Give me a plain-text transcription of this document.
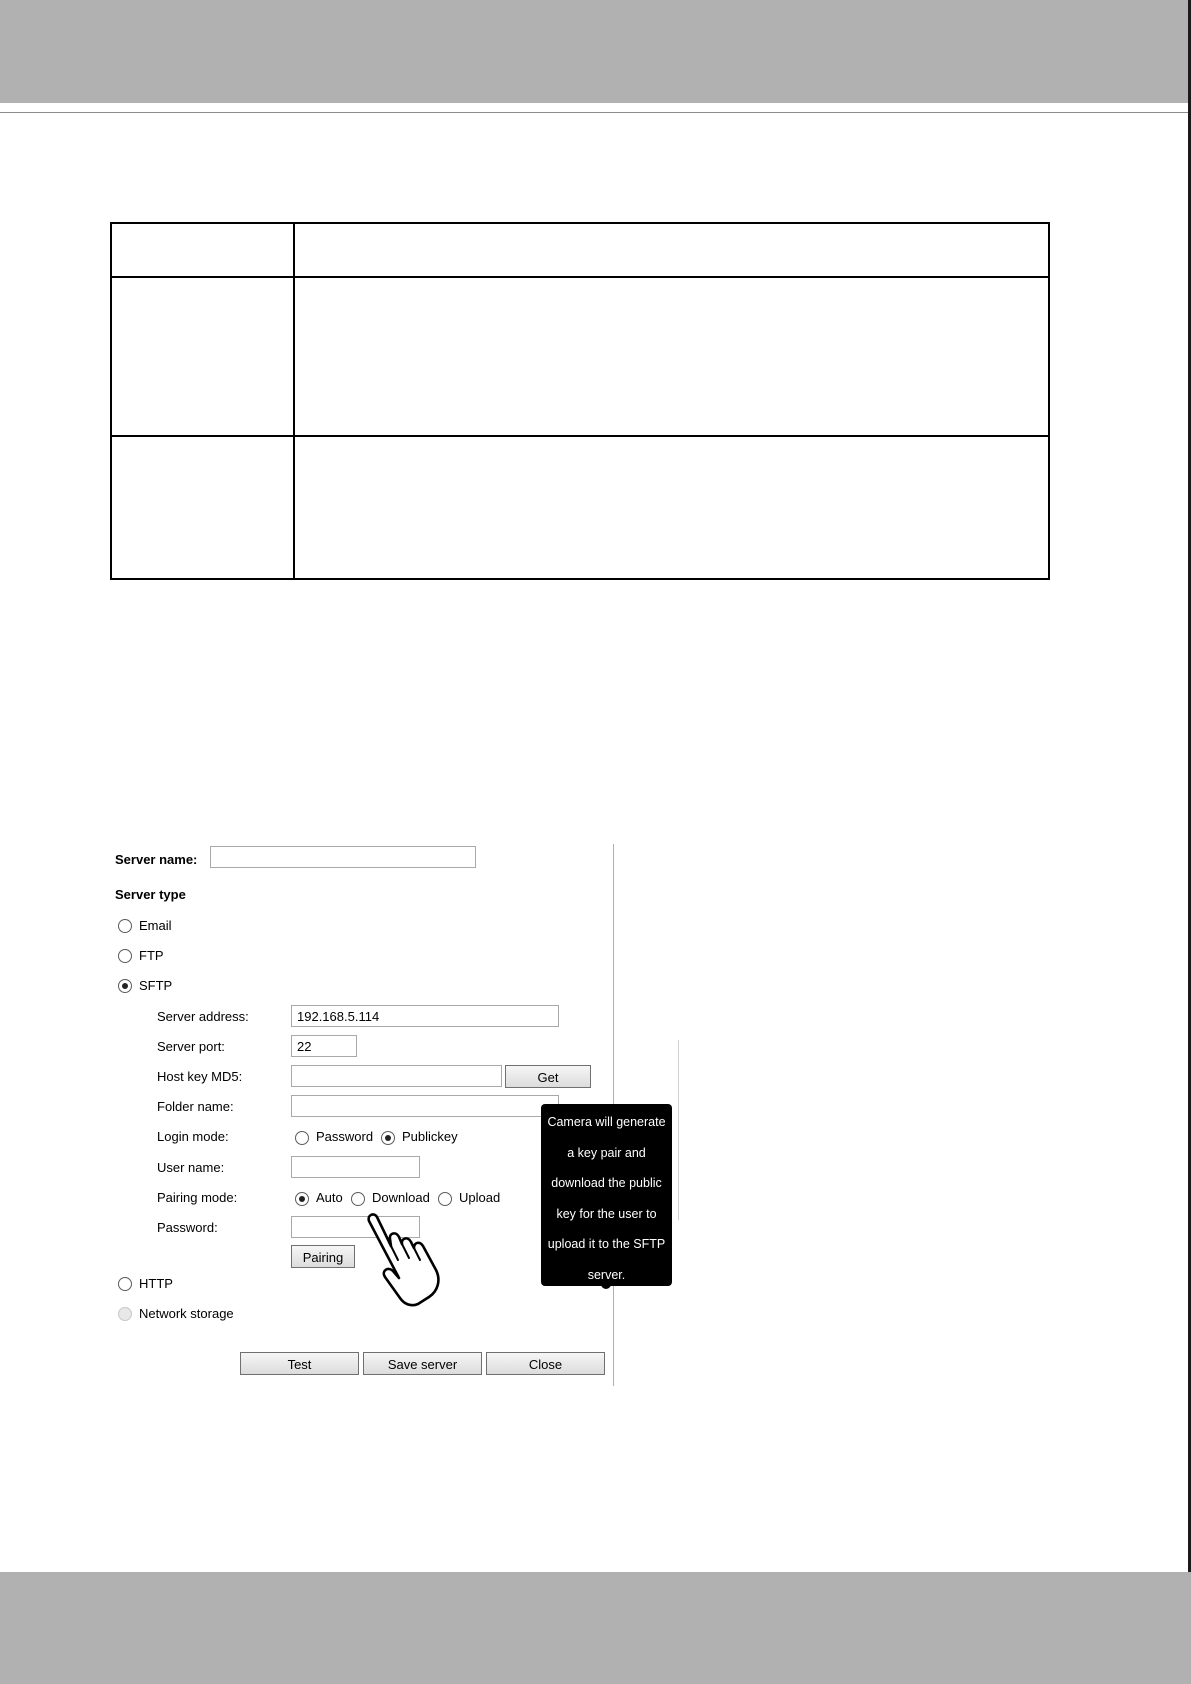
Server name:
Server type
Email
FTP
SFTP
Server address:
192.168.5.114
Server port:
22
Host key MD5:	Get
Folder name:
Login mode:	Password Publickey
User name:
Pairing mode:	Auto Download Upload
Password:
Pairing
HTTP
Network storage
Test	Save server	Close
Camera will generate
a key pair and
download the public
key for the user to
upload it to the SFTP
server.
